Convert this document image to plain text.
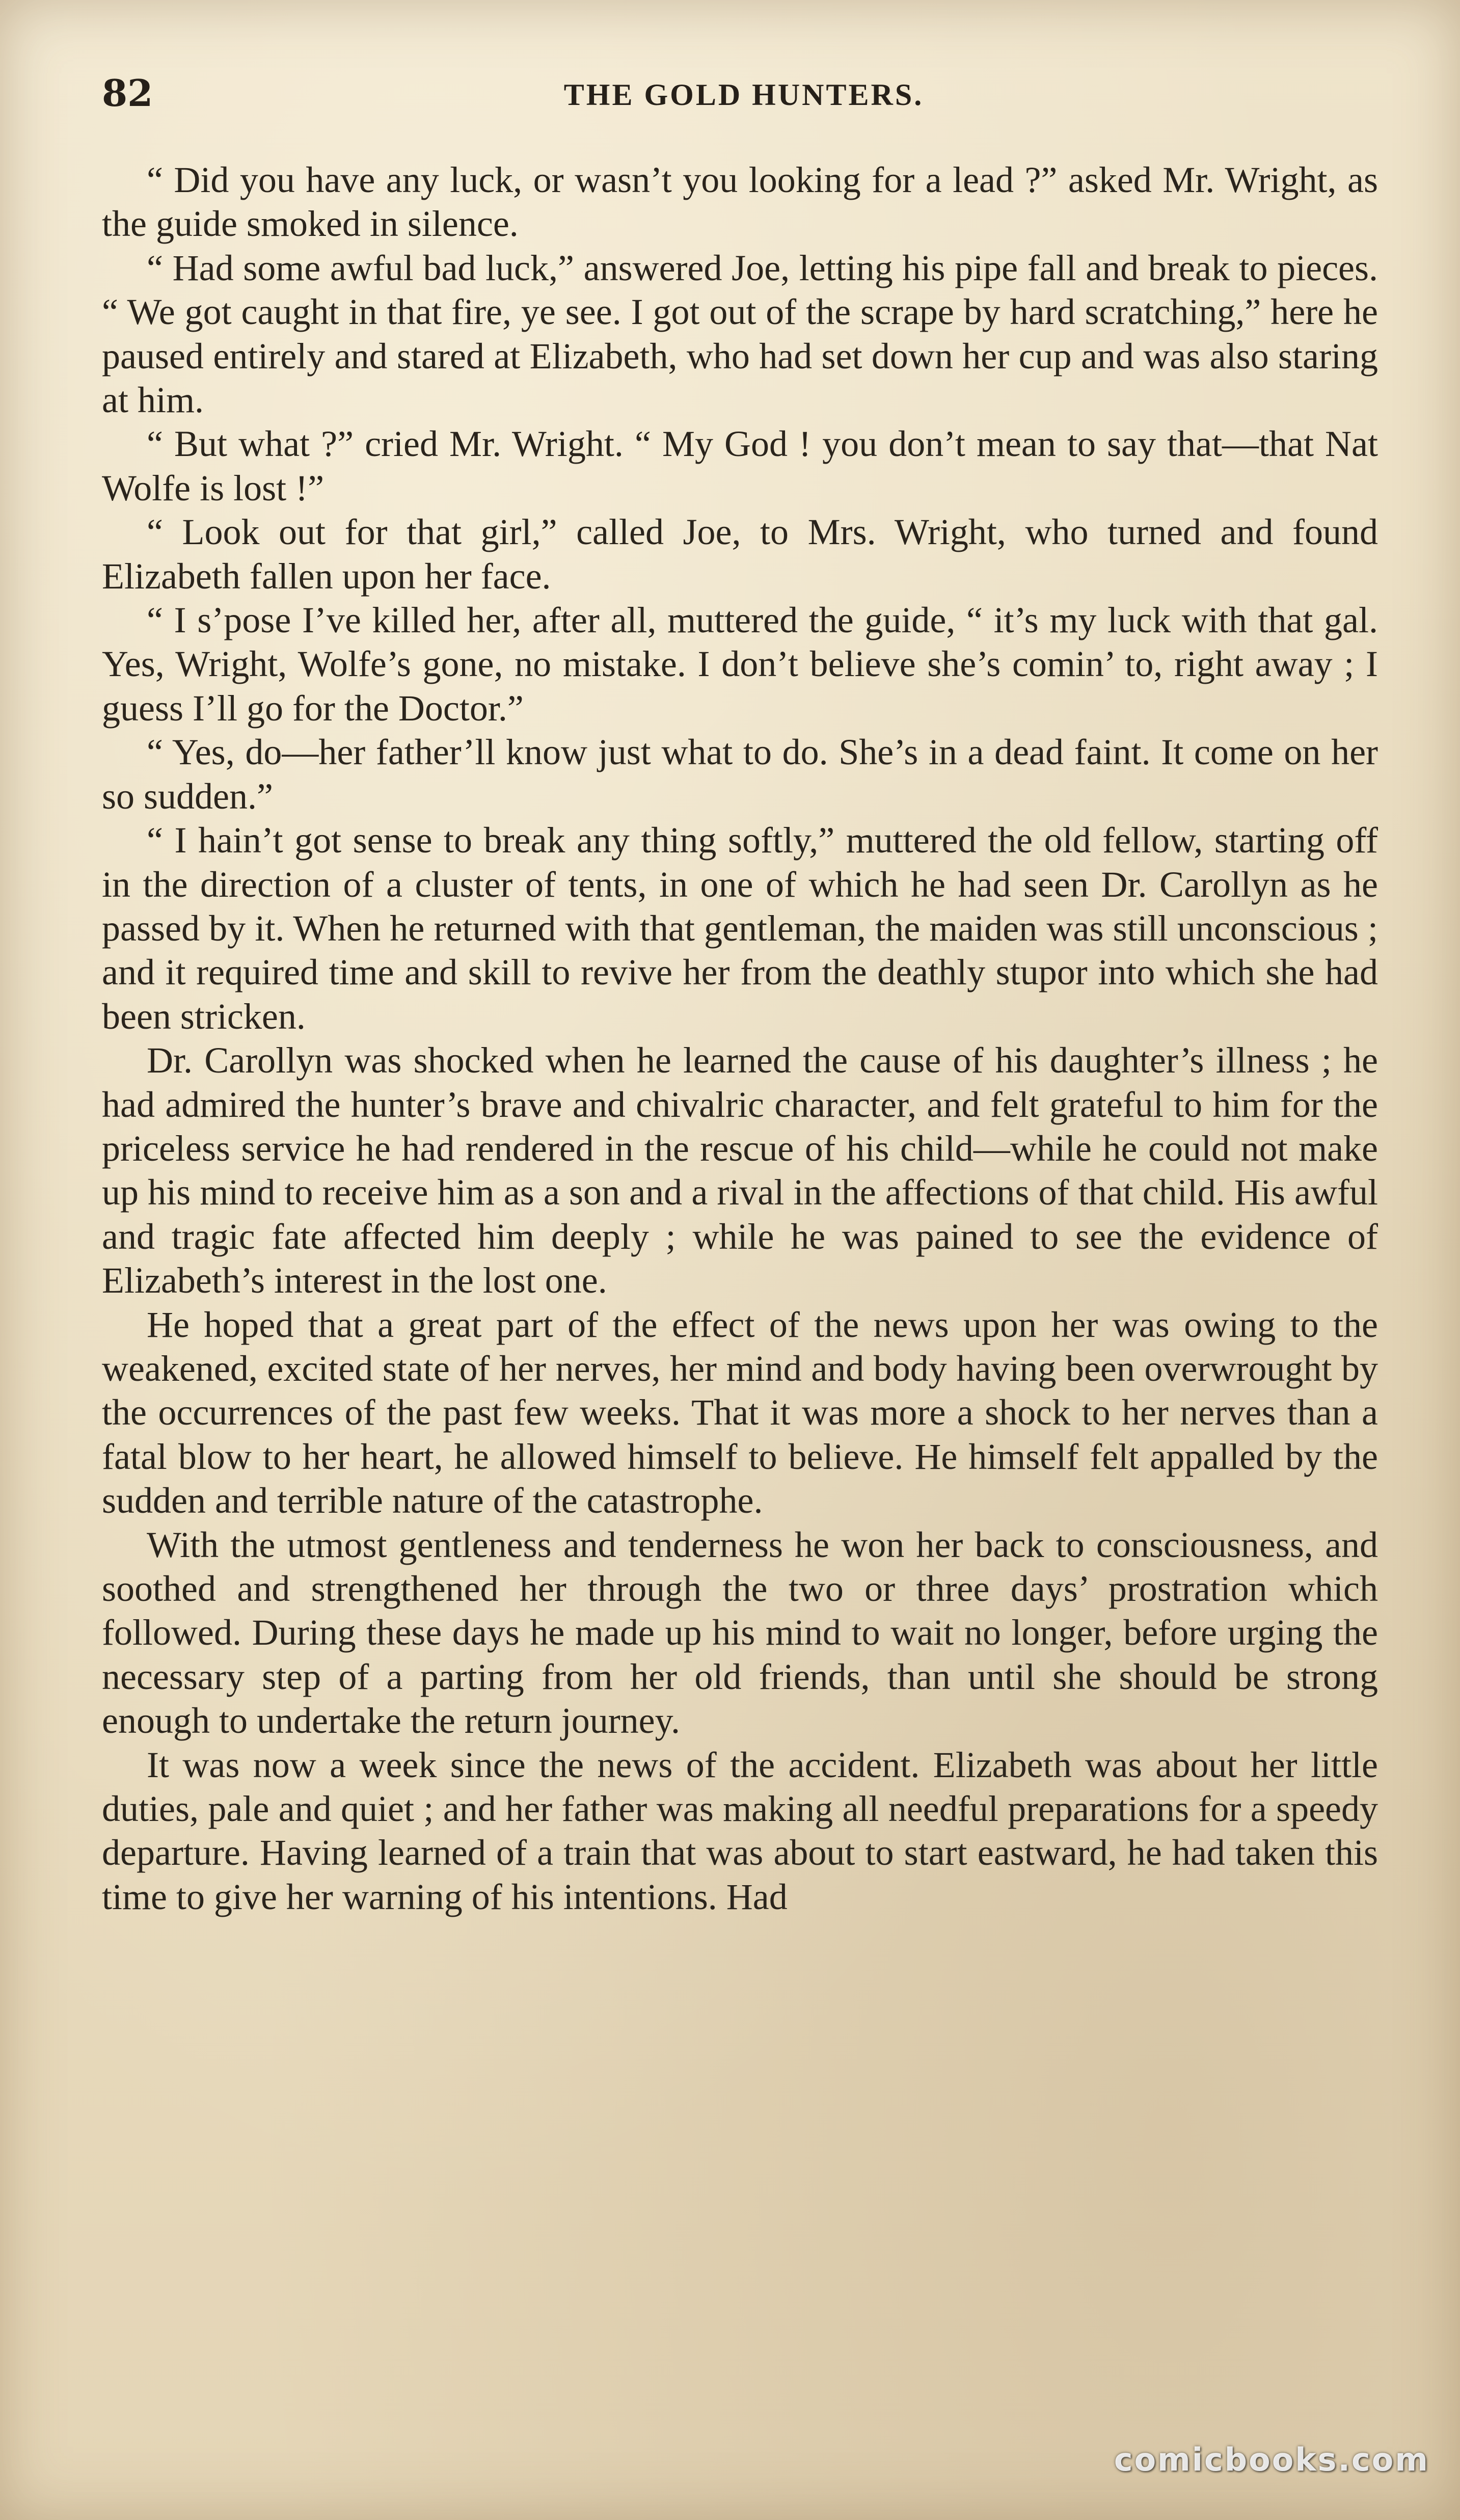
82	THE GOLD HUNTERS.

“ Did you have any luck, or wasn’t you looking for a lead ?” asked Mr. Wright, as the guide smoked in silence.

“ Had some awful bad luck,” answered Joe, letting his pipe fall and break to pieces. “ We got caught in that fire, ye see. I got out of the scrape by hard scratching,” here he paused entirely and stared at Elizabeth, who had set down her cup and was also staring at him.

“ But what ?” cried Mr. Wright. “ My God ! you don’t mean to say that—that Nat Wolfe is lost !”

“ Look out for that girl,” called Joe, to Mrs. Wright, who turned and found Elizabeth fallen upon her face.

“ I s’pose I’ve killed her, after all, muttered the guide, “ it’s my luck with that gal. Yes, Wright, Wolfe’s gone, no mistake. I don’t believe she’s comin’ to, right away ; I guess I’ll go for the Doctor.”

“ Yes, do—her father’ll know just what to do. She’s in a dead faint. It come on her so sudden.”

“ I hain’t got sense to break any thing softly,” muttered the old fellow, starting off in the direction of a cluster of tents, in one of which he had seen Dr. Carollyn as he passed by it. When he returned with that gentleman, the maiden was still unconscious ; and it required time and skill to revive her from the deathly stupor into which she had been stricken.

Dr. Carollyn was shocked when he learned the cause of his daughter’s illness ; he had admired the hunter’s brave and chivalric character, and felt grateful to him for the priceless service he had rendered in the rescue of his child—while he could not make up his mind to receive him as a son and a rival in the affections of that child. His awful and tragic fate affected him deeply ; while he was pained to see the evidence of Elizabeth’s interest in the lost one.

He hoped that a great part of the effect of the news upon her was owing to the weakened, excited state of her nerves, her mind and body having been overwrought by the occurrences of the past few weeks. That it was more a shock to her nerves than a fatal blow to her heart, he allowed himself to believe. He himself felt appalled by the sudden and terrible nature of the catastrophe.

With the utmost gentleness and tenderness he won her back to consciousness, and soothed and strengthened her through the two or three days’ prostration which followed. During these days he made up his mind to wait no longer, before urging the necessary step of a parting from her old friends, than until she should be strong enough to undertake the return journey.

It was now a week since the news of the accident. Elizabeth was about her little duties, pale and quiet ; and her father was making all needful preparations for a speedy departure. Having learned of a train that was about to start eastward, he had taken this time to give her warning of his intentions. Had

comicbooks.com
